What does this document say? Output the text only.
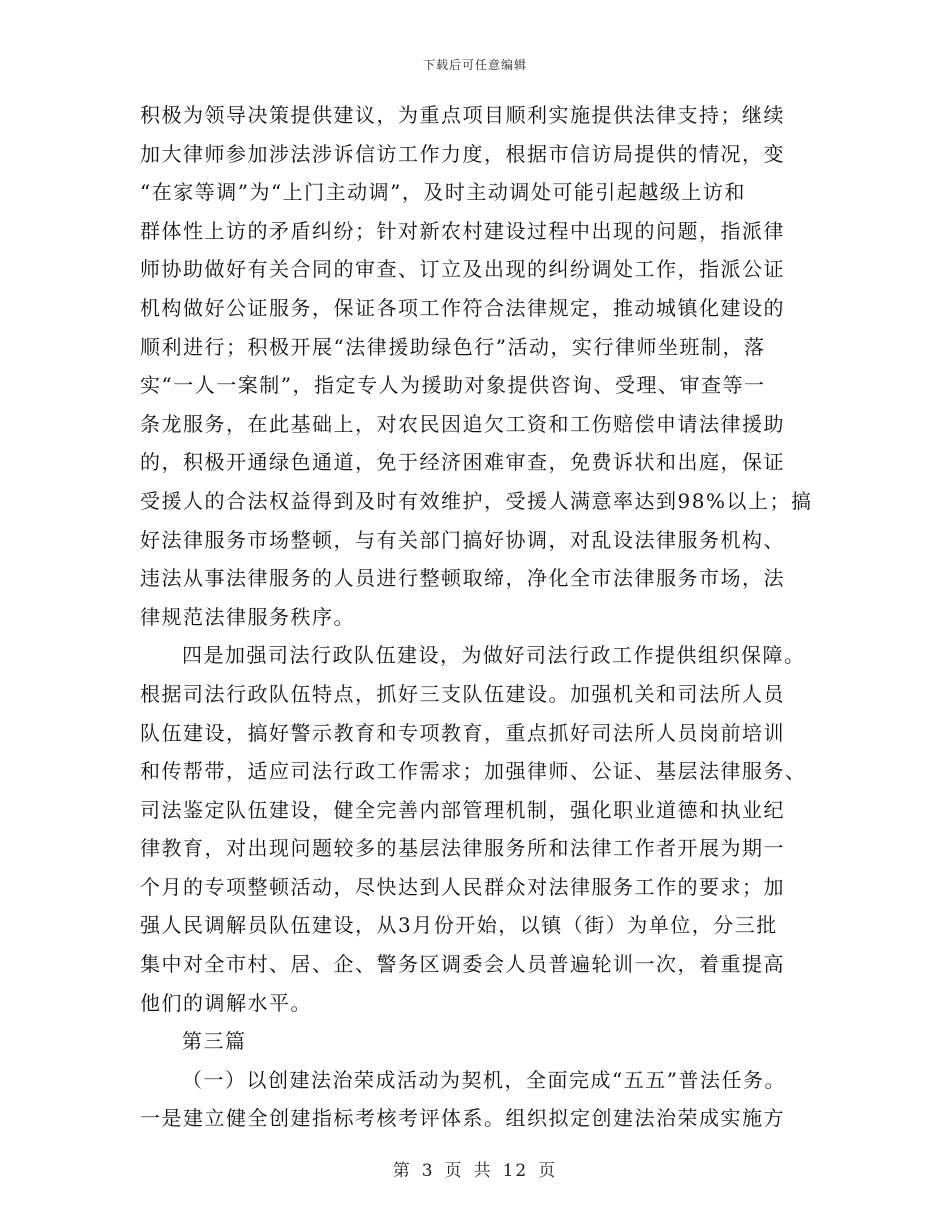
下载后可任意编辑
积极为领导决策提供建议，为重点项目顺利实施提供法律支持；继续
加大律师参加涉法涉诉信访工作力度，根据市信访局提供的情况，变
“在家等调”为“上门主动调”，及时主动调处可能引起越级上访和
群体性上访的矛盾纠纷；针对新农村建设过程中出现的问题，指派律
师协助做好有关合同的审查、订立及出现的纠纷调处工作，指派公证
机构做好公证服务，保证各项工作符合法律规定，推动城镇化建设的
顺利进行；积极开展“法律援助绿色行”活动，实行律师坐班制，落
实“一人一案制”，指定专人为援助对象提供咨询、受理、审查等一
条龙服务，在此基础上，对农民因追欠工资和工伤赔偿申请法律援助
的，积极开通绿色通道，免于经济困难审查，免费诉状和出庭，保证
受援人的合法权益得到及时有效维护，受援人满意率达到98%以上；搞
好法律服务市场整顿，与有关部门搞好协调，对乱设法律服务机构、
违法从事法律服务的人员进行整顿取缔，净化全市法律服务市场，法
律规范法律服务秩序。
四是加强司法行政队伍建设，为做好司法行政工作提供组织保障。
根据司法行政队伍特点，抓好三支队伍建设。加强机关和司法所人员
队伍建设，搞好警示教育和专项教育，重点抓好司法所人员岗前培训
和传帮带，适应司法行政工作需求；加强律师、公证、基层法律服务、
司法鉴定队伍建设，健全完善内部管理机制，强化职业道德和执业纪
律教育，对出现问题较多的基层法律服务所和法律工作者开展为期一
个月的专项整顿活动，尽快达到人民群众对法律服务工作的要求；加
强人民调解员队伍建设，从3月份开始，以镇（街）为单位，分三批
集中对全市村、居、企、警务区调委会人员普遍轮训一次，着重提高
他们的调解水平。
第三篇
（一）以创建法治荣成活动为契机，全面完成“五五”普法任务。
一是建立健全创建指标考核考评体系。组织拟定创建法治荣成实施方
第 3 页 共 12 页
